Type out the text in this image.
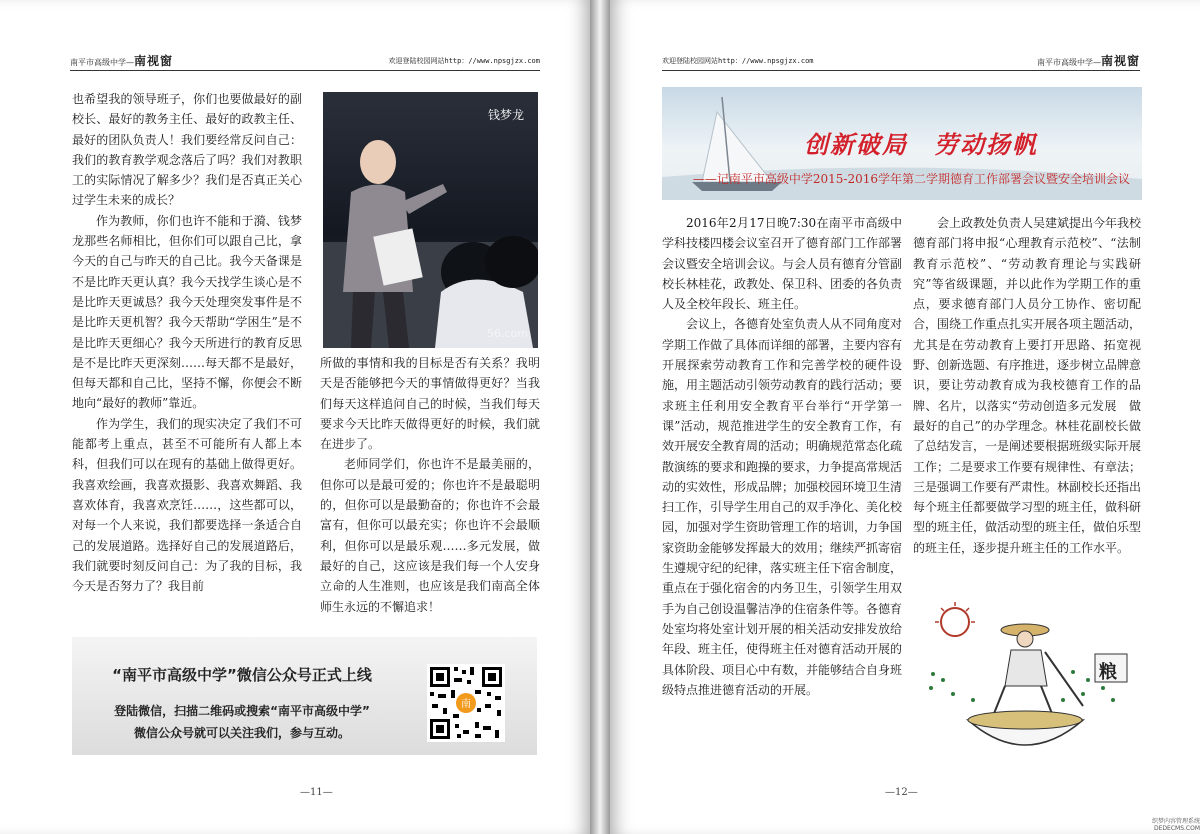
南平市高级中学—南视窗	欢迎登陆校园网站http：//www.npsgjzx.com

也希望我的领导班子，你们也要做最好的副校长、最好的教务主任、最好的政教主任、最好的团队负责人！我们要经常反问自己：我们的教育教学观念落后了吗？我们对教职工的实际情况了解多少？我们是否真正关心过学生未来的成长？

作为教师，你们也许不能和于漪、钱梦龙那些名师相比，但你们可以跟自己比，拿今天的自己与昨天的自己比。我今天备课是不是比昨天更认真？我今天找学生谈心是不是比昨天更诚恳？我今天处理突发事件是不是比昨天更机智？我今天帮助“学困生”是不是比昨天更细心？我今天所进行的教育反思是不是比昨天更深刻……每天都不是最好，但每天都和自己比，坚持不懈，你便会不断地向“最好的教师”靠近。

作为学生，我们的现实决定了我们不可能都考上重点，甚至不可能所有人都上本科，但我们可以在现有的基础上做得更好。我喜欢绘画，我喜欢摄影、我喜欢舞蹈、我喜欢体育，我喜欢烹饪……，这些都可以，对每一个人来说，我们都要选择一条适合自己的发展道路。选择好自己的发展道路后，我们就要时刻反问自己：为了我的目标，我今天是否努力了？我目前

钱梦龙
56.com

所做的事情和我的目标是否有关系？我明天是否能够把今天的事情做得更好？当我们每天这样追问自己的时候，当我们每天要求今天比昨天做得更好的时候，我们就在进步了。

老师同学们，你也许不是最美丽的，但你可以是最可爱的；你也许不是最聪明的，但你可以是最勤奋的；你也许不会最富有，但你可以最充实；你也许不会最顺利，但你可以是最乐观……多元发展，做最好的自己，这应该是我们每一个人安身立命的人生准则，也应该是我们南高全体师生永远的不懈追求！

“南平市高级中学”微信公众号正式上线
登陆微信，扫描二维码或搜索“南平市高级中学”
微信公众号就可以关注我们，参与互动。
南
—11—
欢迎登陆校园网站http：//www.npsgjzx.com	南平市高级中学—南视窗
创新破局　劳动扬帆
——记南平市高级中学2015-2016学年第二学期德育工作部署会议暨安全培训会议

2016年2月17日晚7:30在南平市高级中学科技楼四楼会议室召开了德育部门工作部署会议暨安全培训会议。与会人员有德育分管副校长林桂花，政教处、保卫科、团委的各负责人及全校年段长、班主任。

会议上，各德育处室负责人从不同角度对学期工作做了具体而详细的部署，主要内容有开展探索劳动教育工作和完善学校的硬件设施，用主题活动引领劳动教育的践行活动；要求班主任利用安全教育平台举行“开学第一课”活动，规范推进学生的安全教育工作，有效开展安全教育周的活动；明确规范常态化疏散演练的要求和跑操的要求，力争提高常规活动的实效性，形成品牌；加强校园环境卫生清扫工作，引导学生用自己的双手净化、美化校园，加强对学生资助管理工作的培训，力争国家资助金能够发挥最大的效用；继续严抓寄宿生遵规守纪的纪律，落实班主任下宿舍制度，重点在于强化宿舍的内务卫生，引领学生用双手为自己创设温馨洁净的住宿条件等。各德育处室均将处室计划开展的相关活动安排发放给年段、班主任，使得班主任对德育活动开展的具体阶段、项目心中有数，并能够结合自身班级特点推进德育活动的开展。

会上政教处负责人吴建斌提出今年我校德育部门将申报“心理教育示范校”、“法制教育示范校”、“劳动教育理论与实践研究”等省级课题，并以此作为学期工作的重点，要求德育部门人员分工协作、密切配合，围绕工作重点扎实开展各项主题活动，尤其是在劳动教育上要打开思路、拓宽视野、创新选题、有序推进，逐步树立品牌意识，要让劳动教育成为我校德育工作的品牌、名片，以落实“劳动创造多元发展　做最好的自己”的办学理念。林桂花副校长做了总结发言，一是阐述要根据班级实际开展工作；二是要求工作要有规律性、有章法；三是强调工作要有严肃性。林副校长还指出每个班主任都要做学习型的班主任，做科研型的班主任，做活动型的班主任，做伯乐型的班主任，逐步提升班主任的工作水平。

粮
—12—
织梦内容管理系统
DEDECMS.COM
